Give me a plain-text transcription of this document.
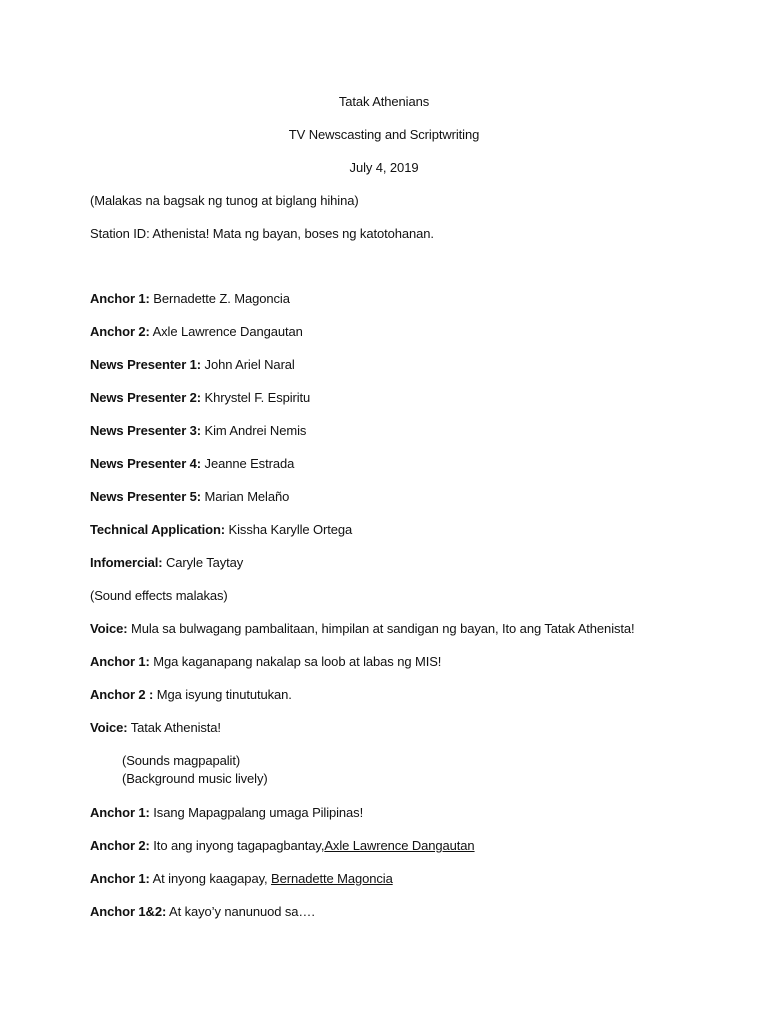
Tatak Athenians
TV Newscasting and Scriptwriting
July 4, 2019
(Malakas na bagsak ng tunog at biglang hihina)
Station ID: Athenista! Mata ng bayan, boses ng katotohanan.
Anchor 1: Bernadette Z. Magoncia
Anchor 2: Axle Lawrence Dangautan
News Presenter 1: John Ariel Naral
News Presenter 2: Khrystel F. Espiritu
News Presenter 3: Kim Andrei Nemis
News Presenter 4: Jeanne Estrada
News Presenter 5: Marian Melaño
Technical Application: Kissha Karylle Ortega
Infomercial: Caryle Taytay
(Sound effects malakas)
Voice: Mula sa bulwagang pambalitaan, himpilan at sandigan ng bayan, Ito ang Tatak Athenista!
Anchor 1: Mga kaganapang nakalap sa loob at labas ng MIS!
Anchor 2 : Mga isyung tinututukan.
Voice: Tatak Athenista!
(Sounds magpapalit)
(Background music lively)
Anchor 1: Isang Mapagpalang umaga Pilipinas!
Anchor 2: Ito ang inyong tagapagbantay,Axle Lawrence Dangautan
Anchor 1: At inyong kaagapay, Bernadette Magoncia
Anchor 1&2: At kayo’y nanunuod sa….
